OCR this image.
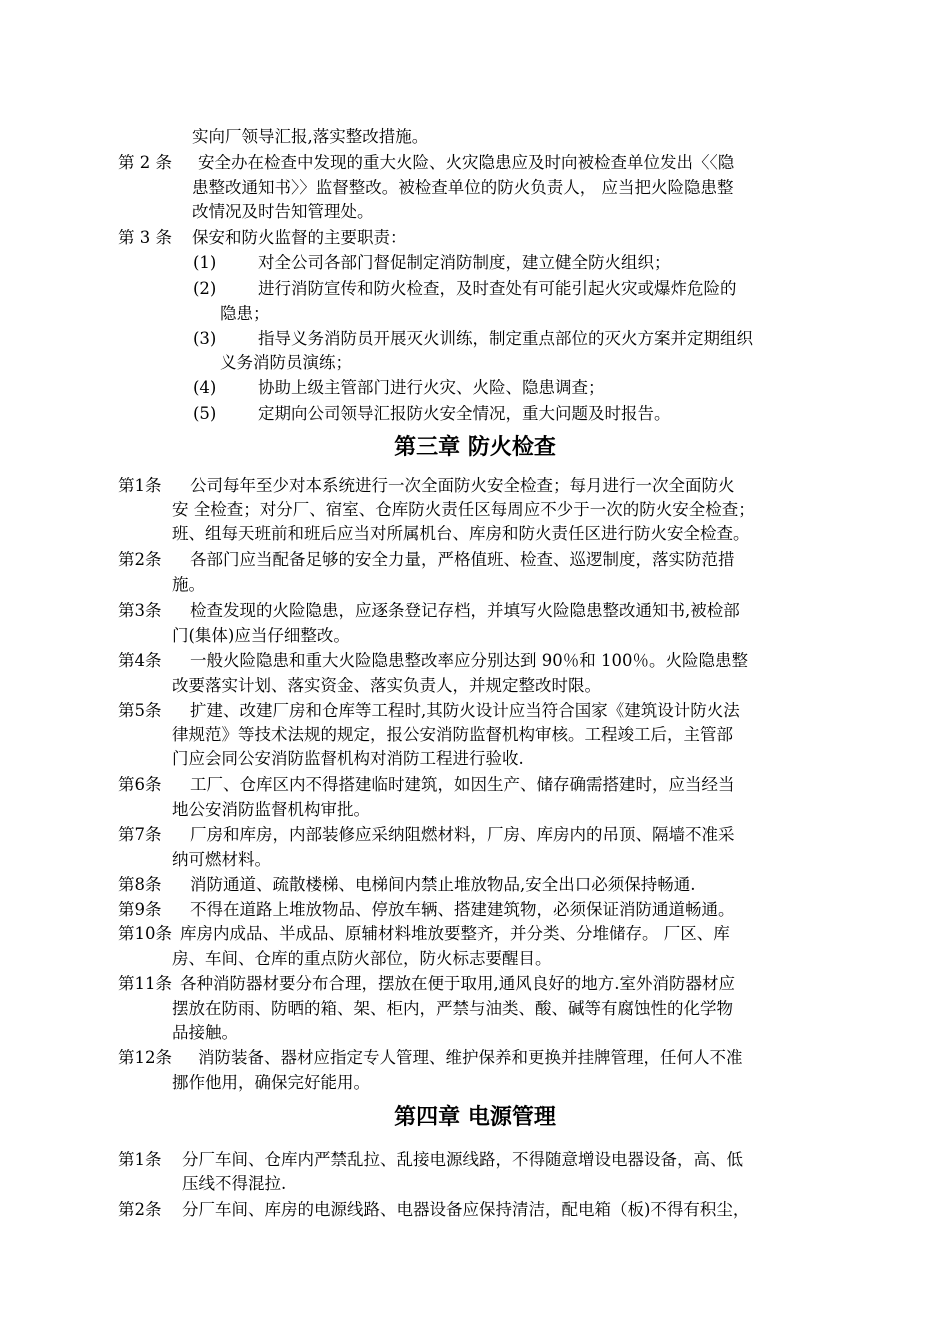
实向厂领导汇报,落实整改措施。
第 2 条 安全办在检查中发现的重大火险、火灾隐患应及时向被检查单位发出〈〈隐
患整改通知书〉〉监督整改。被检查单位的防火负责人， 应当把火险隐患整
改情况及时告知管理处。
第 3 条 保安和防火监督的主要职责：
(1)	对全公司各部门督促制定消防制度，建立健全防火组织；
(2)	进行消防宣传和防火检查，及时查处有可能引起火灾或爆炸危险的
隐患；
(3)	指导义务消防员开展灭火训练，制定重点部位的灭火方案并定期组织
义务消防员演练；
(4)	协助上级主管部门进行火灾、火险、隐患调查；
(5)	定期向公司领导汇报防火安全情况，重大问题及时报告。
第三章 防火检查
第1条 公司每年至少对本系统进行一次全面防火安全检查；每月进行一次全面防火
安 全检查；对分厂、宿室、仓库防火责任区每周应不少于一次的防火安全检查；
班、组每天班前和班后应当对所属机台、库房和防火责任区进行防火安全检查。
第2条 各部门应当配备足够的安全力量，严格值班、检查、巡逻制度，落实防范措
施。
第3条 检查发现的火险隐患，应逐条登记存档，并填写火险隐患整改通知书,被检部
门(集体)应当仔细整改。
第4条 一般火险隐患和重大火险隐患整改率应分别达到 90％和 100％。火险隐患整
改要落实计划、落实资金、落实负责人，并规定整改时限。
第5条 扩建、改建厂房和仓库等工程时,其防火设计应当符合国家《建筑设计防火法
律规范》等技术法规的规定，报公安消防监督机构审核。工程竣工后，主管部
门应会同公安消防监督机构对消防工程进行验收.
第6条 工厂、仓库区内不得搭建临时建筑，如因生产、储存确需搭建时，应当经当
地公安消防监督机构审批。
第7条 厂房和库房，内部装修应采纳阻燃材料，厂房、库房内的吊顶、隔墙不准采
纳可燃材料。
第8条 消防通道、疏散楼梯、电梯间内禁止堆放物品,安全出口必须保持畅通.
第9条 不得在道路上堆放物品、停放车辆、搭建建筑物，必须保证消防通道畅通。
第10条 库房内成品、半成品、原辅材料堆放要整齐，并分类、分堆储存。 厂区、库
房、车间、仓库的重点防火部位，防火标志要醒目。
第11条 各种消防器材要分布合理，摆放在便于取用,通风良好的地方.室外消防器材应
摆放在防雨、防晒的箱、架、柜内，严禁与油类、酸、碱等有腐蚀性的化学物
品接触。
第12条 消防装备、器材应指定专人管理、维护保养和更换并挂牌管理，任何人不准
挪作他用，确保完好能用。
第四章 电源管理
第1条 分厂车间、仓库内严禁乱拉、乱接电源线路，不得随意增设电器设备，高、低
压线不得混拉.
第2条 分厂车间、库房的电源线路、电器设备应保持清洁，配电箱（板)不得有积尘，
